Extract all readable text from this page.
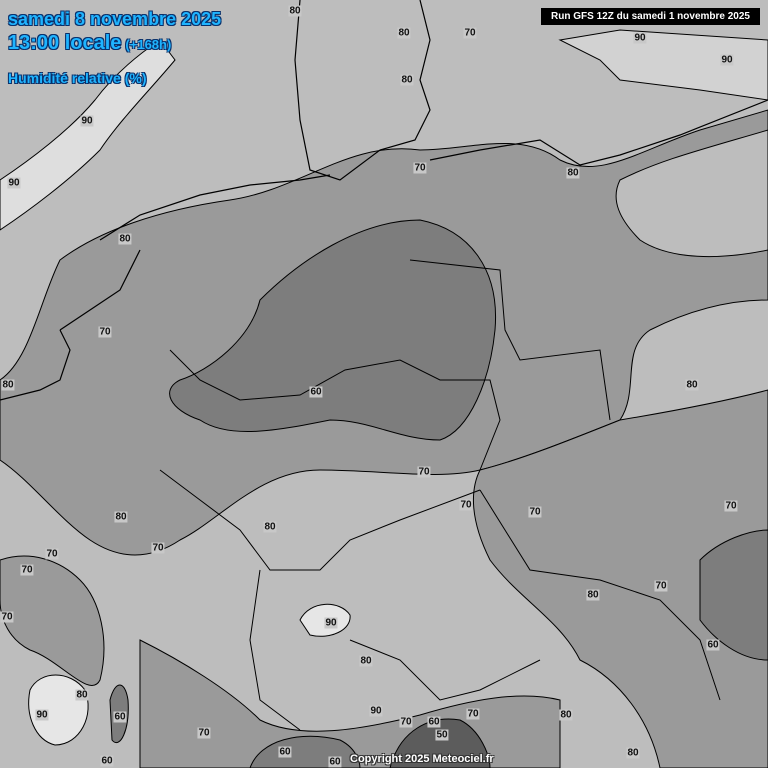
80
90
90
80	70
80
90
90
70	80
80
70
80
80
60
70
70
70
70
80
80
70
70
70
70
80
70
90
60
80
80
90	60
90	70	80
70 60
70	50
60
60
60
80
samedi 8 novembre 2025
13:00 locale (+168h)
Humidité relative (%)
Run GFS 12Z du samedi 1 novembre 2025
Copyright 2025 Meteociel.fr
